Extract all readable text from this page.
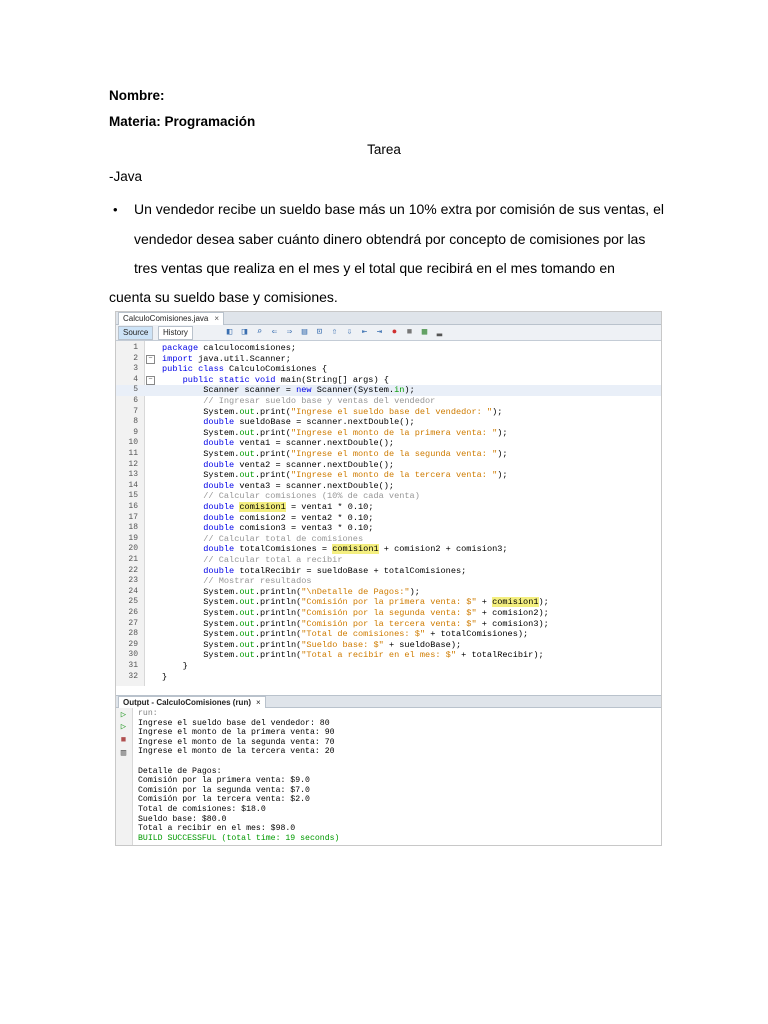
Nombre:
Materia: Programación
Tarea
-Java
• Un vendedor recibe un sueldo base más un 10% extra por comisión de sus ventas, el
vendedor desea saber cuánto dinero obtendrá por concepto de comisiones por las
tres ventas que realiza en el mes y el total que recibirá en el mes tomando en
cuenta su sueldo base y comisiones.
CalculoComisiones.java ×
Source	History	◧	◨	⌕	⇐	⇒	▤	⊡	⇧	⇩	⇤	⇥	●	■	▦	▂
1	package calculocomisiones;
2	− import java.util.Scanner;
3	public class CalculoComisiones {
4	−	public static void main(String[] args) {
5	Scanner scanner = new Scanner(System.in);
6	// Ingresar sueldo base y ventas del vendedor
7	System.out.print("Ingrese el sueldo base del vendedor: ");
8	double sueldoBase = scanner.nextDouble();
9	System.out.print("Ingrese el monto de la primera venta: ");
10	double venta1 = scanner.nextDouble();
11	System.out.print("Ingrese el monto de la segunda venta: ");
12	double venta2 = scanner.nextDouble();
13	System.out.print("Ingrese el monto de la tercera venta: ");
14	double venta3 = scanner.nextDouble();
15	// Calcular comisiones (10% de cada venta)
16	double comision1 = venta1 * 0.10;
17	double comision2 = venta2 * 0.10;
18	double comision3 = venta3 * 0.10;
19	// Calcular total de comisiones
20	double totalComisiones = comision1 + comision2 + comision3;
21	// Calcular total a recibir
22	double totalRecibir = sueldoBase + totalComisiones;
23	// Mostrar resultados
24	System.out.println("\nDetalle de Pagos:");
25	System.out.println("Comisión por la primera venta: $" + comision1);
26	System.out.println("Comisión por la segunda venta: $" + comision2);
27	System.out.println("Comisión por la tercera venta: $" + comision3);
28	System.out.println("Total de comisiones: $" + totalComisiones);
29	System.out.println("Sueldo base: $" + sueldoBase);
30	System.out.println("Total a recibir en el mes: $" + totalRecibir);
31	}
32	}
Output - CalculoComisiones (run) ×
▷
▷
■
▥
run:
Ingrese el sueldo base del vendedor: 80
Ingrese el monto de la primera venta: 90
Ingrese el monto de la segunda venta: 70
Ingrese el monto de la tercera venta: 20
Detalle de Pagos:
Comisión por la primera venta: $9.0
Comisión por la segunda venta: $7.0
Comisión por la tercera venta: $2.0
Total de comisiones: $18.0
Sueldo base: $80.0
Total a recibir en el mes: $98.0
BUILD SUCCESSFUL (total time: 19 seconds)
